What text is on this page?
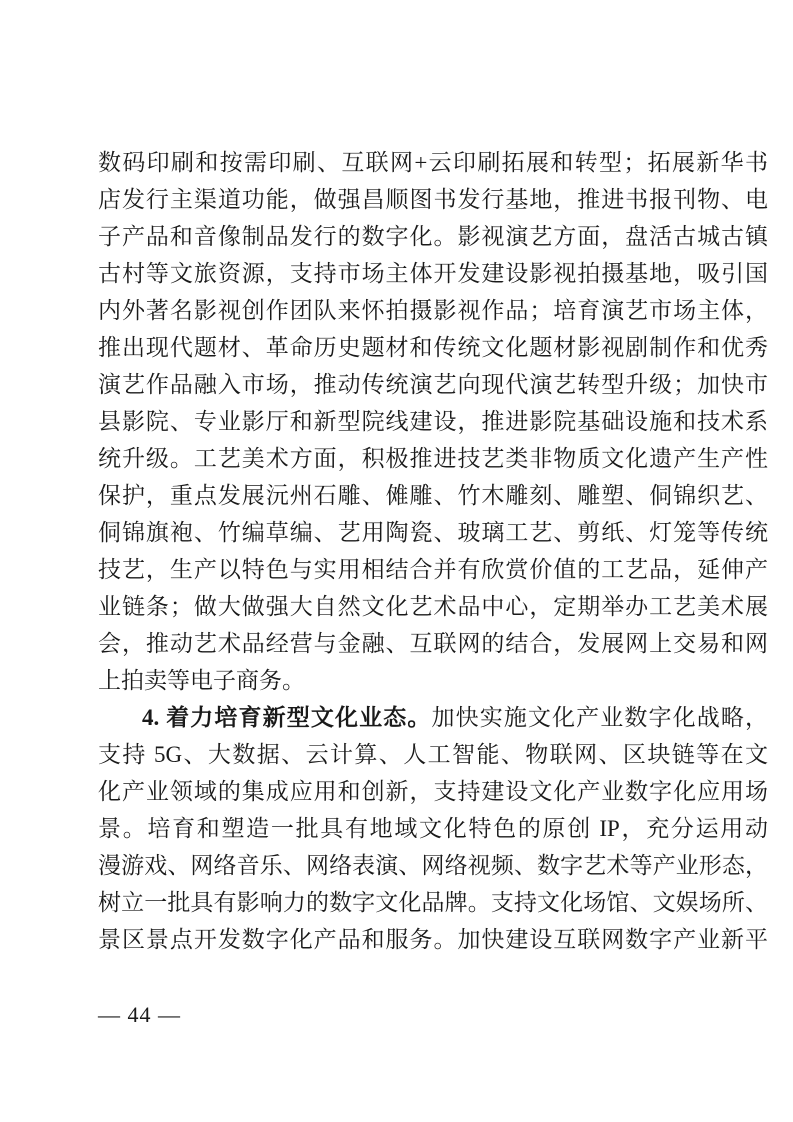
数码印刷和按需印刷、互联网+云印刷拓展和转型；拓展新华书
店发行主渠道功能，做强昌顺图书发行基地，推进书报刊物、电
子产品和音像制品发行的数字化。影视演艺方面，盘活古城古镇
古村等文旅资源，支持市场主体开发建设影视拍摄基地，吸引国
内外著名影视创作团队来怀拍摄影视作品；培育演艺市场主体，
推出现代题材、革命历史题材和传统文化题材影视剧制作和优秀
演艺作品融入市场，推动传统演艺向现代演艺转型升级；加快市
县影院、专业影厅和新型院线建设，推进影院基础设施和技术系
统升级。工艺美术方面，积极推进技艺类非物质文化遗产生产性
保护，重点发展沅州石雕、傩雕、竹木雕刻、雕塑、侗锦织艺、
侗锦旗袍、竹编草编、艺用陶瓷、玻璃工艺、剪纸、灯笼等传统
技艺，生产以特色与实用相结合并有欣赏价值的工艺品，延伸产
业链条；做大做强大自然文化艺术品中心，定期举办工艺美术展
会，推动艺术品经营与金融、互联网的结合，发展网上交易和网
上拍卖等电子商务。
4. 着力培育新型文化业态。加快实施文化产业数字化战略，
支持 5G、大数据、云计算、人工智能、物联网、区块链等在文
化产业领域的集成应用和创新，支持建设文化产业数字化应用场
景。培育和塑造一批具有地域文化特色的原创 IP，充分运用动
漫游戏、网络音乐、网络表演、网络视频、数字艺术等产业形态，
树立一批具有影响力的数字文化品牌。支持文化场馆、文娱场所、
景区景点开发数字化产品和服务。加快建设互联网数字产业新平
— 44 —
